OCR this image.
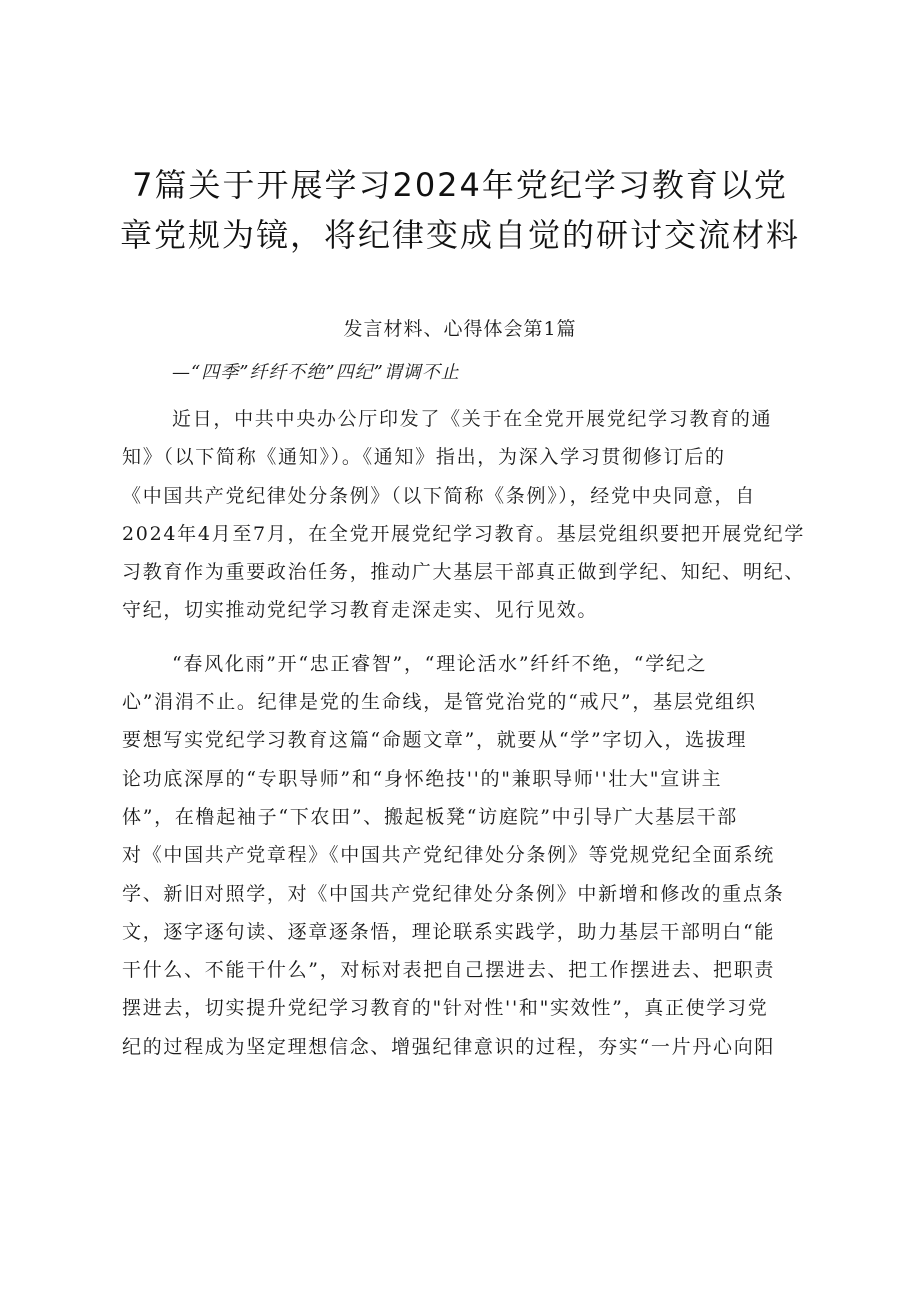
7篇关于开展学习2024年党纪学习教育以党
章党规为镜，将纪律变成自觉的研讨交流材料
发言材料、心得体会第1篇

—“四季”纤纤不绝”四纪”谓调不止

近日，中共中央办公厅印发了《关于在全党开展党纪学习教育的通
知》（以下简称《通知》）。《通知》指出，为深入学习贯彻修订后的
《中国共产党纪律处分条例》（以下简称《条例》），经党中央同意，自
2024年4月至7月，在全党开展党纪学习教育。基层党组织要把开展党纪学
习教育作为重要政治任务，推动广大基层干部真正做到学纪、知纪、明纪、
守纪，切实推动党纪学习教育走深走实、见行见效。
“春风化雨”开“忠正睿智”，“理论活水”纤纤不绝，“学纪之
心”涓涓不止。纪律是党的生命线，是管党治党的“戒尺”，基层党组织
要想写实党纪学习教育这篇“命题文章”，就要从“学”字切入，选拔理
论功底深厚的“专职导师”和“身怀绝技''的"兼职导师''壮大"宣讲主
体”，在橹起袖子“下农田”、搬起板凳“访庭院”中引导广大基层干部
对《中国共产党章程》《中国共产党纪律处分条例》等党规党纪全面系统
学、新旧对照学，对《中国共产党纪律处分条例》中新增和修改的重点条
文，逐字逐句读、逐章逐条悟，理论联系实践学，助力基层干部明白“能
干什么、不能干什么”，对标对表把自己摆进去、把工作摆进去、把职责
摆进去，切实提升党纪学习教育的"针对性''和"实效性”，真正使学习党
纪的过程成为坚定理想信念、增强纪律意识的过程，夯实“一片丹心向阳
